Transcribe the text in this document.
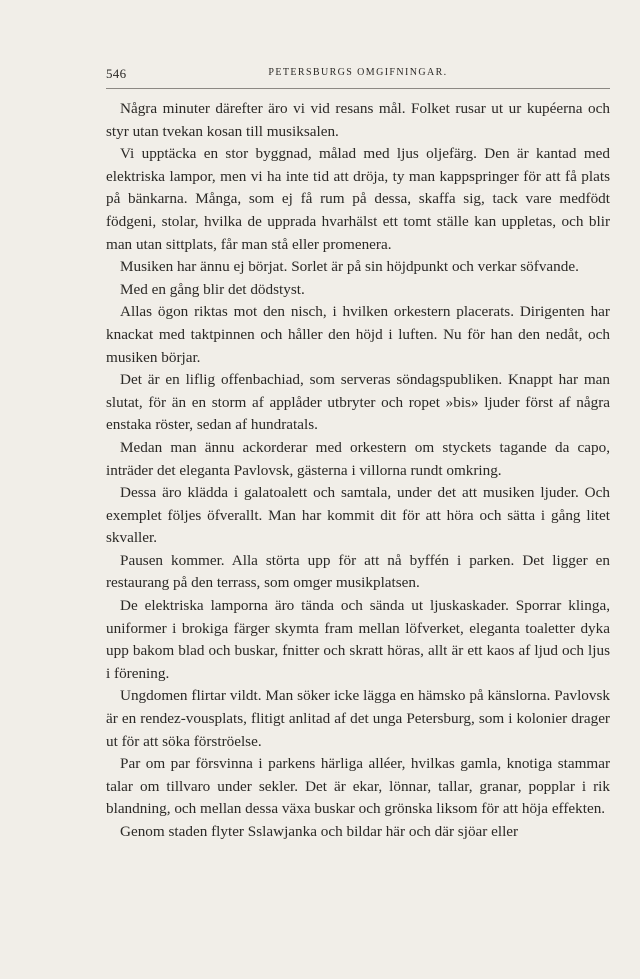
546	PETERSBURGS OMGIFNINGAR.

Några minuter därefter äro vi vid resans mål. Folket rusar ut ur kupéerna och styr utan tvekan kosan till musiksalen.

Vi upptäcka en stor byggnad, målad med ljus oljefärg. Den är kantad med elektriska lampor, men vi ha inte tid att dröja, ty man kappspringer för att få plats på bänkarna. Många, som ej få rum på dessa, skaffa sig, tack vare medfödt födgeni, stolar, hvilka de upprada hvarhälst ett tomt ställe kan uppletas, och blir man utan sittplats, får man stå eller promenera.

Musiken har ännu ej börjat. Sorlet är på sin höjdpunkt och verkar söfvande.

Med en gång blir det dödstyst.

Allas ögon riktas mot den nisch, i hvilken orkestern placerats. Dirigenten har knackat med taktpinnen och håller den höjd i luften. Nu för han den nedåt, och musiken börjar.

Det är en liflig offenbachiad, som serveras söndagspubliken. Knappt har man slutat, för än en storm af applåder utbryter och ropet »bis» ljuder först af några enstaka röster, sedan af hundratals.

Medan man ännu ackorderar med orkestern om styckets tagande da capo, inträder det eleganta Pavlovsk, gästerna i villorna rundt omkring.

Dessa äro klädda i galatoalett och samtala, under det att musiken ljuder. Och exemplet följes öfverallt. Man har kommit dit för att höra och sätta i gång litet skvaller.

Pausen kommer. Alla störta upp för att nå byffén i parken. Det ligger en restaurang på den terrass, som omger musikplatsen.

De elektriska lamporna äro tända och sända ut ljuskaskader. Sporrar klinga, uniformer i brokiga färger skymta fram mellan löfverket, eleganta toaletter dyka upp bakom blad och buskar, fnitter och skratt höras, allt är ett kaos af ljud och ljus i förening.

Ungdomen flirtar vildt. Man söker icke lägga en hämsko på känslorna. Pavlovsk är en rendez-vousplats, flitigt anlitad af det unga Petersburg, som i kolonier drager ut för att söka förströelse.

Par om par försvinna i parkens härliga alléer, hvilkas gamla, knotiga stammar talar om tillvaro under sekler. Det är ekar, lönnar, tallar, granar, popplar i rik blandning, och mellan dessa växa buskar och grönska liksom för att höja effekten.

Genom staden flyter Sslawjanka och bildar här och där sjöar eller
